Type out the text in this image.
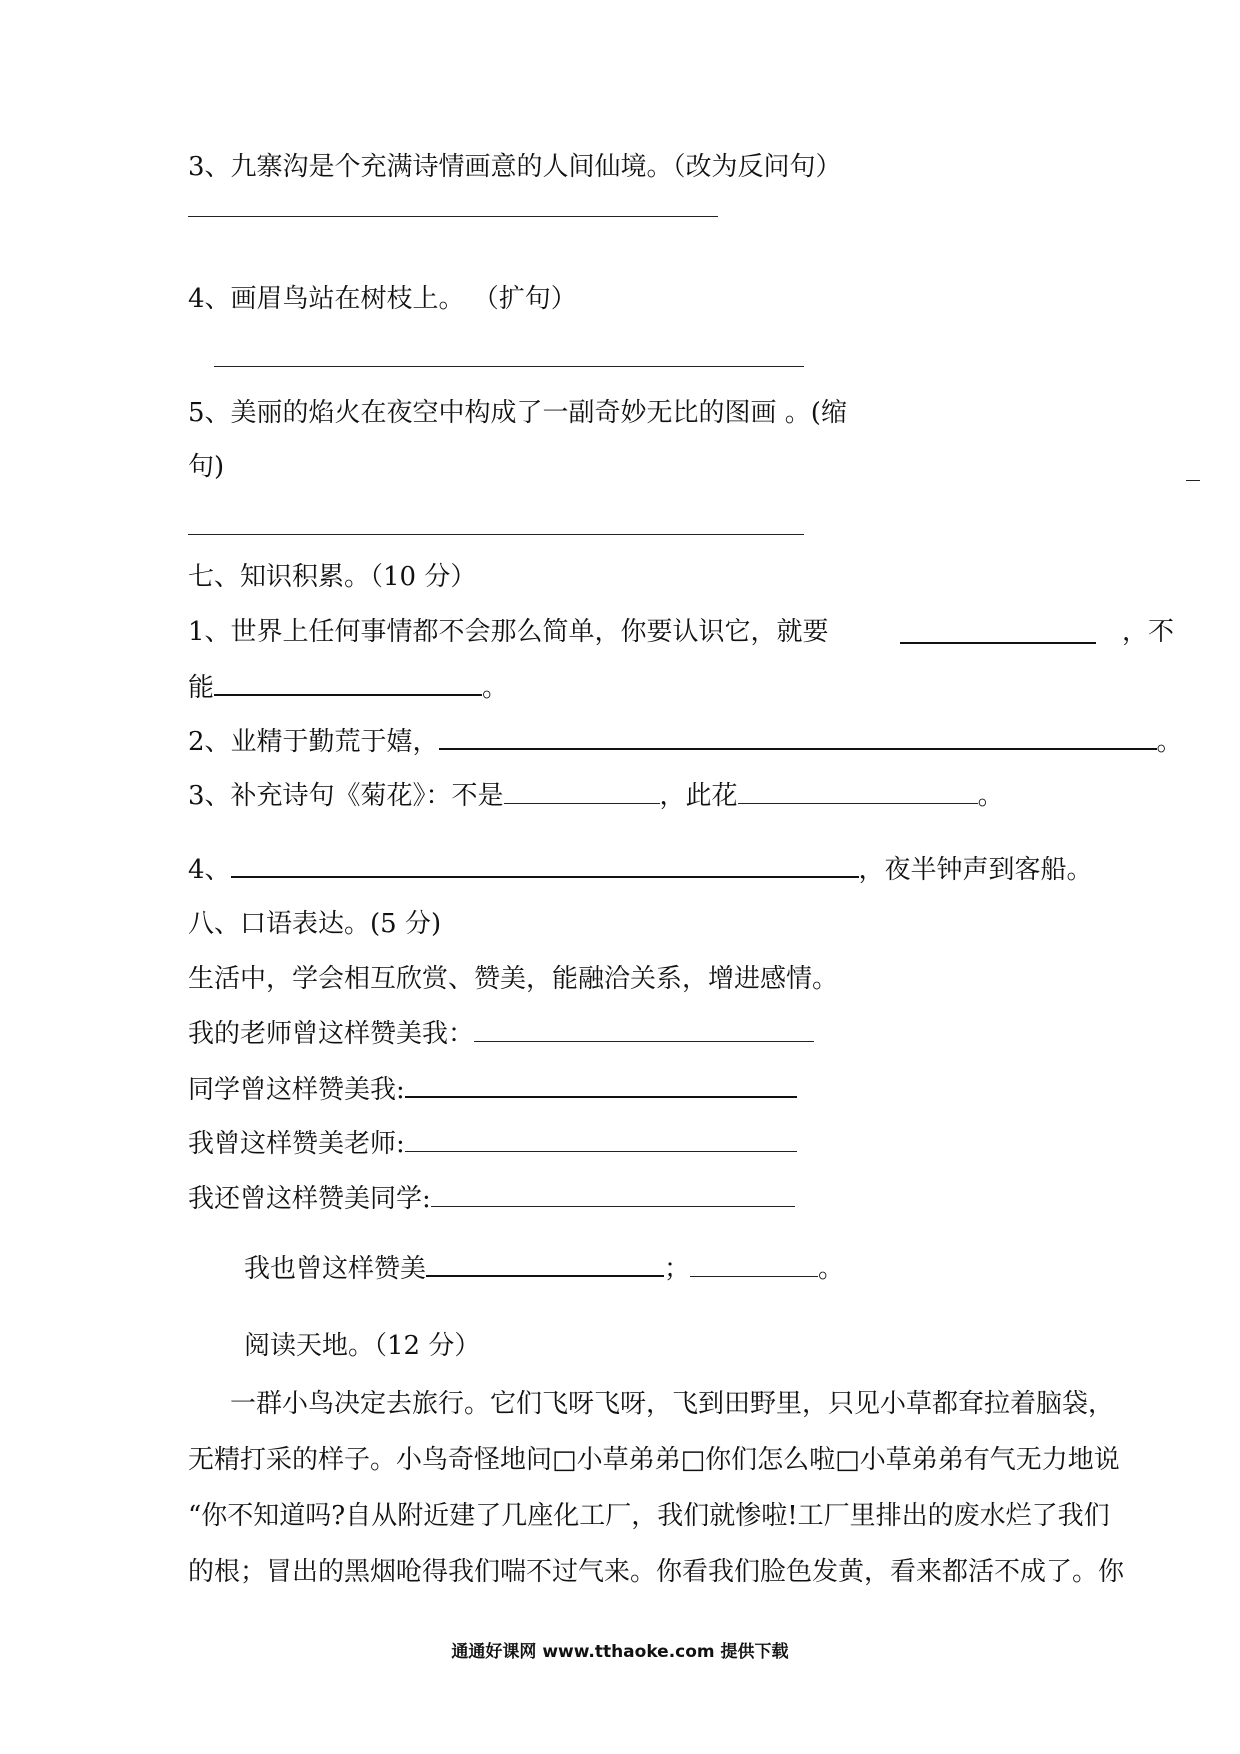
3、九寨沟是个充满诗情画意的人间仙境。（改为反问句）
4、画眉鸟站在树枝上。 （扩句）
5、美丽的焰火在夜空中构成了一副奇妙无比的图画 。(缩
句)
七、知识积累。（10 分）
1、世界上任何事情都不会那么简单，你要认识它，就要	，不
能	。
2、业精于勤荒于嬉，	。
3、补充诗句《菊花》：不是	，此花	。
4、	，夜半钟声到客船。
八、口语表达。(5 分)
生活中，学会相互欣赏、赞美，能融洽关系，增进感情。
我的老师曾这样赞美我：
同学曾这样赞美我:
我曾这样赞美老师:
我还曾这样赞美同学:
我也曾这样赞美	；	。
阅读天地。（12 分）
一群小鸟决定去旅行。它们飞呀飞呀，飞到田野里，只见小草都耷拉着脑袋，
无精打采的样子。小鸟奇怪地问□小草弟弟□你们怎么啦□小草弟弟有气无力地说
“你不知道吗?自从附近建了几座化工厂，我们就惨啦!工厂里排出的废水烂了我们
的根；冒出的黑烟呛得我们喘不过气来。你看我们脸色发黄，看来都活不成了。你
通通好课网 www.tthaoke.com 提供下载
